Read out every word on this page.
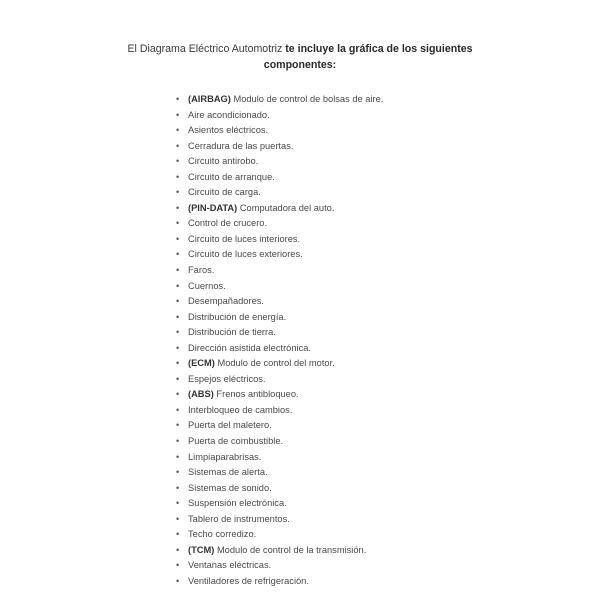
El Diagrama Eléctrico Automotriz te incluye la gráfica de los siguientes
componentes:
• (AIRBAG) Modulo de control de bolsas de aire.
• Aire acondicionado.
• Asientos eléctricos.
• Cerradura de las puertas.
• Circuito antirobo.
• Circuito de arranque.
• Circuito de carga.
• (PIN-DATA) Computadora del auto.
• Control de crucero.
• Circuito de luces interiores.
• Circuito de luces exteriores.
• Faros.
• Cuernos.
• Desempañadores.
• Distribución de energía.
• Distribución de tierra.
• Dirección asistida electrónica.
• (ECM) Modulo de control del motor.
• Espejos eléctricos.
• (ABS) Frenos antibloqueo.
• Interbloqueo de cambios.
• Puerta del maletero.
• Puerta de combustible.
• Limpiaparabrisas.
• Sistemas de alerta.
• Sistemas de sonido.
• Suspensión electrónica.
• Tablero de instrumentos.
• Techo corredizo.
• (TCM) Modulo de control de la transmisión.
• Ventanas eléctricas.
• Ventiladores de refrigeración.
